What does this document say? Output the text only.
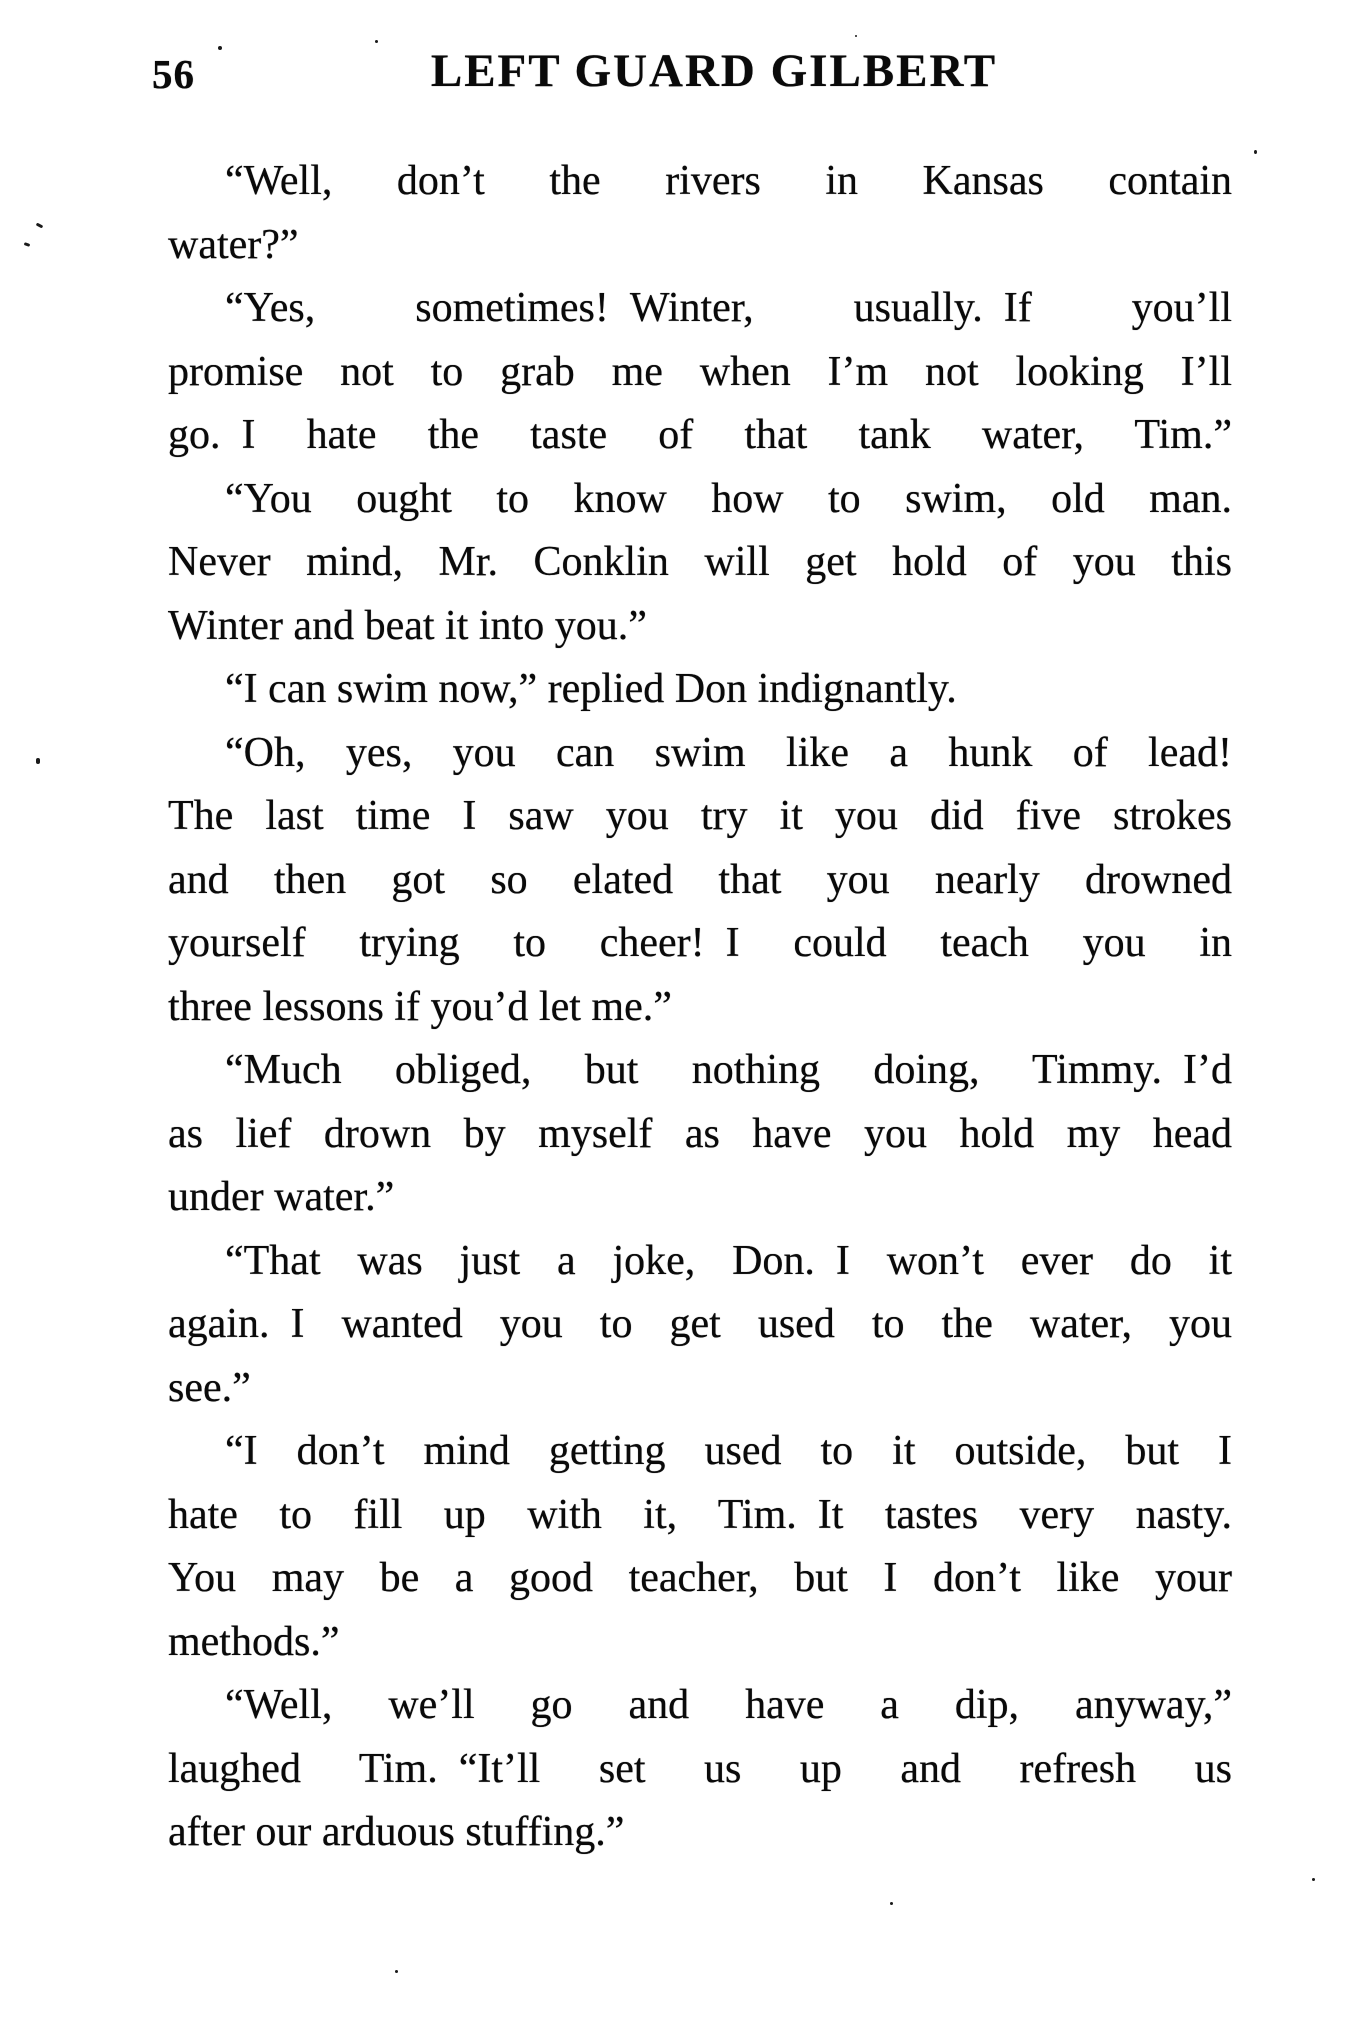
56	LEFT GUARD GILBERT
“Well, don’t the rivers in Kansas contain
water?”
“Yes, sometimes! Winter, usually. If you’ll
promise not to grab me when I’m not looking I’ll
go. I hate the taste of that tank water, Tim.”
“You ought to know how to swim, old man.
Never mind, Mr. Conklin will get hold of you this
Winter and beat it into you.”
“I can swim now,” replied Don indignantly.
“Oh, yes, you can swim like a hunk of lead!
The last time I saw you try it you did five strokes
and then got so elated that you nearly drowned
yourself trying to cheer! I could teach you in
three lessons if you’d let me.”
“Much obliged, but nothing doing, Timmy. I’d
as lief drown by myself as have you hold my head
under water.”
“That was just a joke, Don. I won’t ever do it
again. I wanted you to get used to the water, you
see.”
“I don’t mind getting used to it outside, but I
hate to fill up with it, Tim. It tastes very nasty.
You may be a good teacher, but I don’t like your
methods.”
“Well, we’ll go and have a dip, anyway,”
laughed Tim. “It’ll set us up and refresh us
after our arduous stuffing.”
